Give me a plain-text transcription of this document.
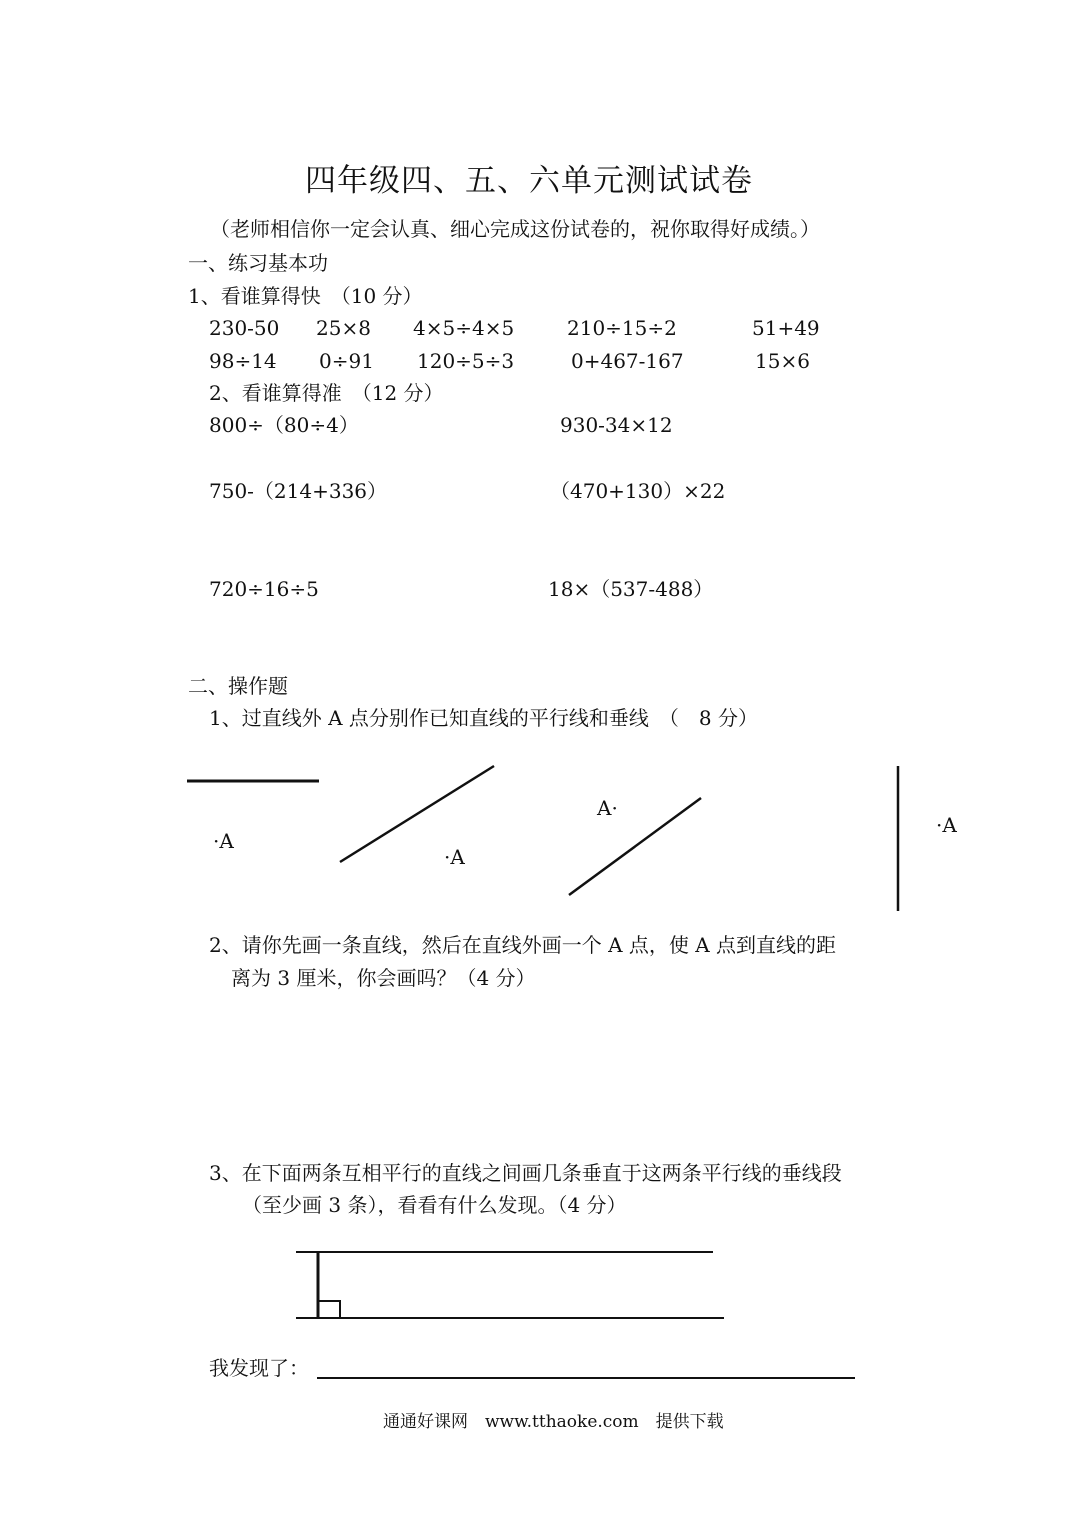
四年级四、五、六单元测试试卷
（老师相信你一定会认真、细心完成这份试卷的，祝你取得好成绩。）
一、练习基本功
1、看谁算得快　（10 分）
230-50 25×8 4×5÷4×5	210÷15÷2	51+49
98÷14 0÷91 120÷5÷3	0+467-167	15×6
2、看谁算得准　（12 分）
800÷（80÷4）	930-34×12
750-（214+336）	（470+130）×22
720÷16÷5	18×（537-488）
二、操作题
1、过直线外 A 点分别作已知直线的平行线和垂线　（　8 分）
·A
·A
A·
·A
2、请你先画一条直线，然后在直线外画一个 A 点，使 A 点到直线的距
离为 3 厘米，你会画吗？（4 分）
3、在下面两条互相平行的直线之间画几条垂直于这两条平行线的垂线段
（至少画 3 条），看看有什么发现。（4 分）
我发现了：
通通好课网　www.tthaoke.com　提供下载
